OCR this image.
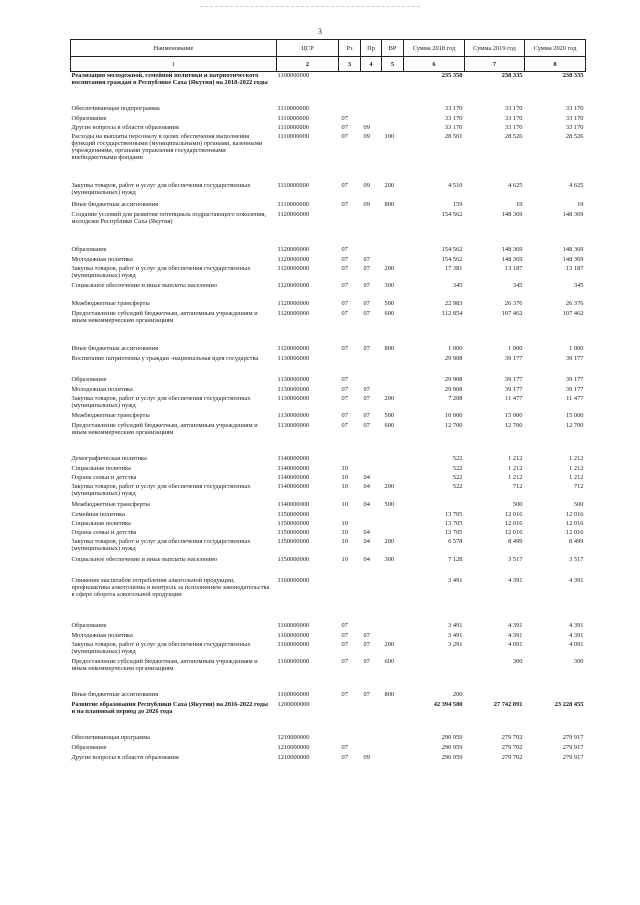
3
Наименование	ЦСР	Рз	Пр	ВР	Сумма 2018 год	Сумма 2019 год	Сумма 2020 год
1	2	3	4	5	6	7	8
Реализация молодежной, семейной политики и патриотического воспитания граждан в Республике Саха (Якутия) на 2018-2022 годы	1100000000				235 358	238 335	238 335
Обеспечивающая подпрограмма	1110000000				33 170	33 170	33 170
Образование	1110000000	07			33 170	33 170	33 170
Другие вопросы в области образования	1110000000	07	09		33 170	33 170	33 170
Расходы на выплаты персоналу в целях обеспечения выполнения функций государственными (муниципальными) органами, казенными учреждениями, органами управления государственными внебюджетными фондами	1110000000	07	09	100	28 501	28 526	28 526
Закупка товаров, работ и услуг для обеспечения государственных (муниципальных) нужд	1110000000	07	09	200	4 510	4 625	4 625
Иные бюджетные ассигнования	1110000000	07	09	800	159	19	19
Создание условий для развития потенциала подрастающего поколения, молодежи Республики Саха (Якутия)	1120000000				154 562	148 369	148 369
Образование	1120000000	07			154 562	148 369	148 369
Молодежная политика	1120000000	07	07		154 562	148 369	148 369
Закупка товаров, работ и услуг для обеспечения государственных (муниципальных) нужд	1120000000	07	07	200	17 381	13 187	13 187
Социальное обеспечение и иные выплаты населению	1120000000	07	07	300	345	345	345
Межбюджетные трансферты	1120000000	07	07	500	22 983	26 376	26 376
Предоставление субсидий бюджетным, автономным учреждениям и иным некоммерческим организациям	1120000000	07	07	600	112 854	107 462	107 462
Иные бюджетные ассигнования	1120000000	07	07	800	1 000	1 000	1 000
Воспитание патриотизма у граждан -национальная идея государства	1130000000				29 908	39 177	39 177
Образование	1130000000	07			29 908	39 177	39 177
Молодежная политика	1130000000	07	07		29 908	39 177	39 177
Закупка товаров, работ и услуг для обеспечения государственных (муниципальных) нужд	1130000000	07	07	200	7 208	11 477	11 477
Межбюджетные трансферты	1130000000	07	07	500	10 000	15 000	15 000
Предоставление субсидий бюджетным, автономным учреждениям и иным некоммерческим организациям	1130000000	07	07	600	12 700	12 700	12 700
Демографическая политика	1140000000				522	1 212	1 212
Социальная политика	1140000000	10			522	1 212	1 212
Охрана семьи и детства	1140000000	10	04		522	1 212	1 212
Закупка товаров, работ и услуг для обеспечения государственных (муниципальных) нужд	1140000000	10	04	200	522	712	712
Межбюджетные трансферты	1140000000	10	04	500		500	500
Семейная политика	1150000000				13 705	12 016	12 016
Социальная политика	1150000000	10			13 705	12 016	12 016
Охрана семьи и детства	1150000000	10	04		13 705	12 016	12 016
Закупка товаров, работ и услуг для обеспечения государственных (муниципальных) нужд	1150000000	10	04	200	6 578	8 499	8 499
Социальное обеспечение и иные выплаты населению	1150000000	10	04	300	7 128	3 517	3 517
Снижение масштабов потребления алкогольной продукции, профилактика алкоголизма и контроль за исполнением законодательства в сфере оборота алкогольной продукции	1160000000				3 491	4 391	4 391
Образование	1160000000	07			3 491	4 391	4 391
Молодежная политика	1160000000	07	07		3 491	4 391	4 391
Закупка товаров, работ и услуг для обеспечения государственных (муниципальных) нужд	1160000000	07	07	200	3 291	4 091	4 091
Предоставление субсидий бюджетным, автономным учреждениям и иным некоммерческим организациям	1160000000	07	07	600		300	300
Иные бюджетные ассигнования	1160000000	07	07	800	200		
Развитие образования Республики Саха (Якутия) на 2016-2022 годы и на плановый период до 2026 года	1200000000				42 394 580	27 742 891	23 228 455
Обеспечивающая программа	1210000000				290 959	279 702	279 917
Образование	1210000000	07			290 959	279 702	279 917
Другие вопросы в области образования	1210000000	07	09		290 959	279 702	279 917
